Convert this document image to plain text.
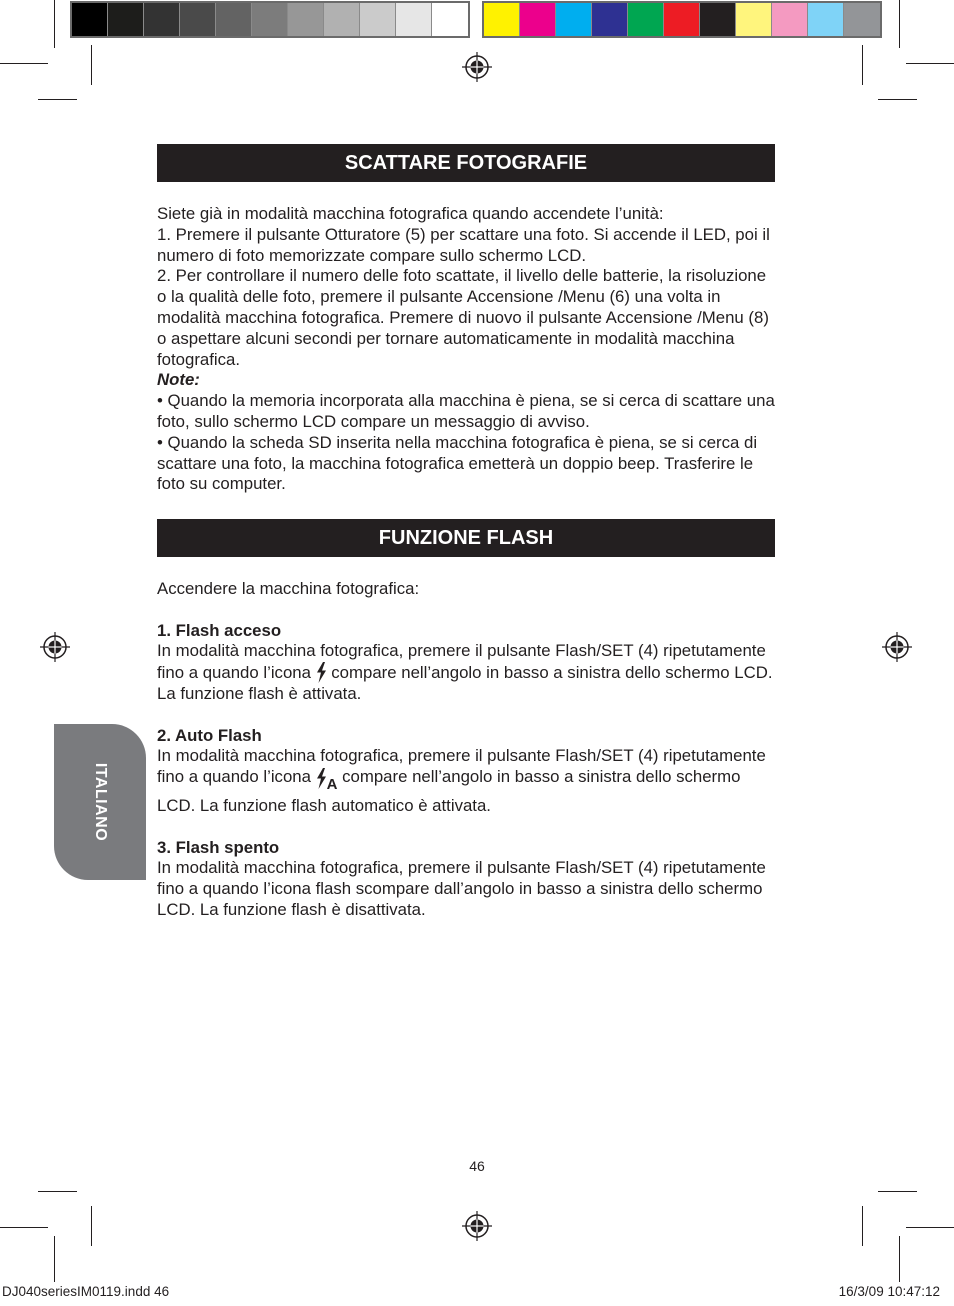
SCATTARE FOTOGRAFIE

Siete già in modalità macchina fotografica quando accendete l’unità:

1. Premere il pulsante Otturatore (5) per scattare una foto. Si accende il LED, poi il numero di foto memorizzate compare sullo schermo LCD.

2. Per controllare il numero delle foto scattate, il livello delle batterie, la risoluzione o la qualità delle foto, premere il pulsante Accensione /Menu (6) una volta in modalità macchina fotografica. Premere di nuovo il pulsante Accensione /Menu (8) o aspettare alcuni secondi per tornare automaticamente in modalità macchina fotografica.

Note:

• Quando la memoria incorporata alla macchina è piena, se si cerca di scattare una foto, sullo schermo LCD compare un messaggio di avviso.

• Quando la scheda SD inserita nella macchina fotografica è piena, se si cerca di scattare una foto, la macchina fotografica emetterà un doppio beep. Trasferire le foto su computer.

FUNZIONE FLASH

Accendere la macchina fotografica:

1. Flash acceso

In modalità macchina fotografica, premere il pulsante Flash/SET (4) ripetutamente fino a quando l’icona  compare nell’angolo in basso a sinistra dello schermo LCD. La funzione flash è attivata.

2. Auto Flash

In modalità macchina fotografica, premere il pulsante Flash/SET (4) ripetutamente fino a quando l’icona A compare nell’angolo in basso a sinistra dello schermo LCD. La funzione flash automatico è attivata.

3. Flash spento

In modalità macchina fotografica, premere il pulsante Flash/SET (4) ripetutamente fino a quando l’icona flash scompare dall’angolo in basso a sinistra dello schermo LCD. La funzione flash è disattivata.

ITALIANO
46
DJ040seriesIM0119.indd 46	16/3/09 10:47:12
